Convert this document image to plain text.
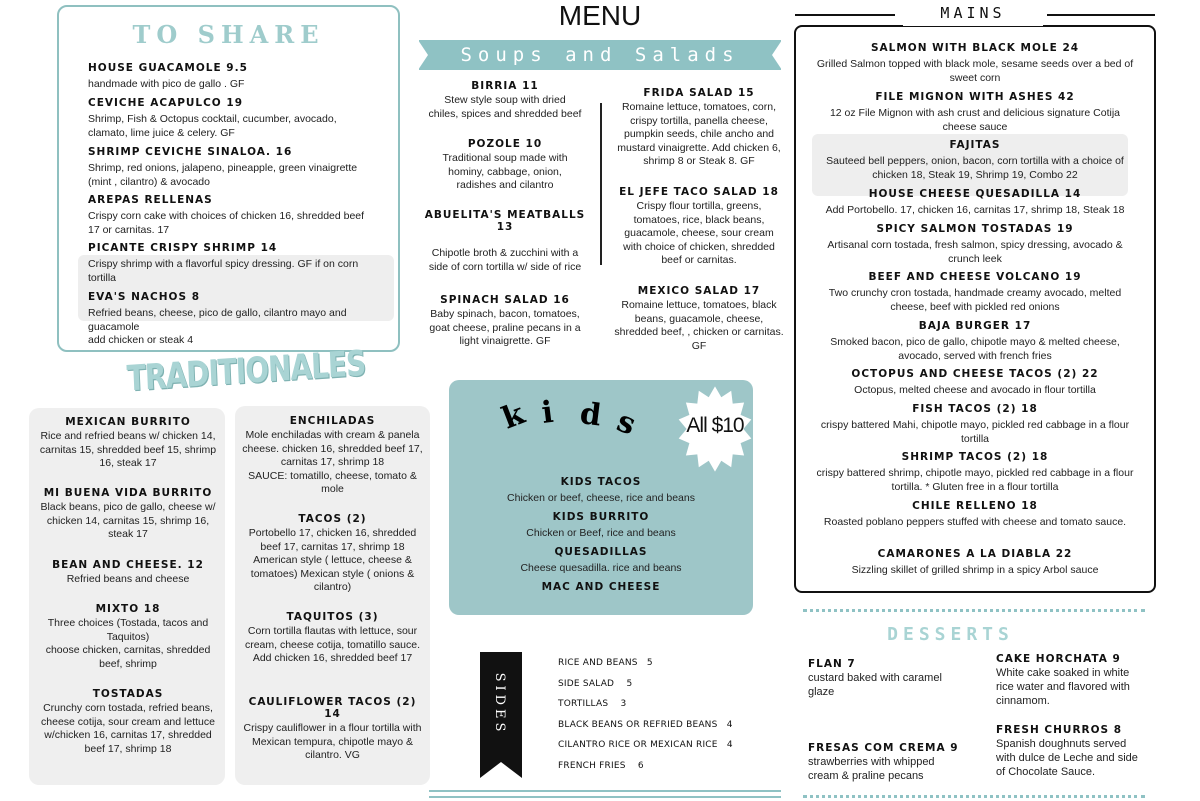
MENU
TO SHARE
HOUSE GUACAMOLE 9.5
handmade with pico de gallo . GF
CEVICHE ACAPULCO 19
Shrimp, Fish & Octopus cocktail, cucumber, avocado, clamato, lime juice & celery. GF
SHRIMP CEVICHE SINALOA. 16
Shrimp, red onions, jalapeno, pineapple, green vinaigrette (mint , cilantro) & avocado
AREPAS RELLENAS
Crispy corn cake with choices of chicken 16, shredded beef 17 or carnitas. 17
PICANTE CRISPY SHRIMP 14
Crispy shrimp with a flavorful spicy dressing. GF if on corn tortilla
EVA'S NACHOS 8
Refried beans, cheese, pico de gallo, cilantro mayo and guacamole
add chicken or steak 4
Soups and Salads
BIRRIA 11
Stew style soup with dried chiles, spices and shredded beef
POZOLE 10
Traditional soup made with hominy, cabbage, onion, radishes and cilantro
ABUELITA'S MEATBALLS 13
Chipotle broth & zucchini with a side of corn tortilla w/ side of rice
SPINACH SALAD 16
Baby spinach, bacon, tomatoes, goat cheese, praline pecans in a light vinaigrette. GF
FRIDA SALAD 15
Romaine lettuce, tomatoes, corn, crispy tortilla, panella cheese, pumpkin seeds, chile ancho and mustard vinaigrette. Add chicken 6, shrimp 8 or Steak 8. GF
EL JEFE TACO SALAD 18
Crispy flour tortilla, greens, tomatoes, rice, black beans, guacamole, cheese, sour cream with choice of chicken, shredded beef or carnitas.
MEXICO SALAD 17
Romaine lettuce, tomatoes, black beans, guacamole, cheese, shredded beef, , chicken or carnitas. GF
MAINS
SALMON WITH BLACK MOLE 24
Grilled Salmon topped with black mole, sesame seeds over a bed of sweet corn
FILE MIGNON WITH ASHES 42
12 oz File Mignon with ash crust and delicious signature Cotija cheese sauce
FAJITAS
Sauteed bell peppers, onion, bacon, corn tortilla with a choice of chicken 18, Steak 19, Shrimp 19, Combo 22
HOUSE CHEESE QUESADILLA 14
Add Portobello. 17, chicken 16, carnitas 17, shrimp 18, Steak 18
SPICY SALMON TOSTADAS 19
Artisanal corn tostada, fresh salmon, spicy dressing, avocado & crunch leek
BEEF AND CHEESE VOLCANO 19
Two crunchy cron tostada, handmade creamy avocado, melted cheese, beef with pickled red onions
BAJA BURGER 17
Smoked bacon, pico de gallo, chipotle mayo & melted cheese, avocado, served with french fries
OCTOPUS AND CHEESE TACOS (2) 22
Octopus, melted cheese and avocado in flour tortilla
FISH TACOS (2) 18
crispy battered Mahi, chipotle mayo, pickled red cabbage in a flour tortilla
SHRIMP TACOS (2) 18
crispy battered shrimp, chipotle mayo, pickled red cabbage in a flour tortilla. * Gluten free in a flour tortilla
CHILE RELLENO 18
Roasted poblano peppers stuffed with cheese and tomato sauce.
CAMARONES A LA DIABLA 22
Sizzling skillet of grilled shrimp in a spicy Arbol sauce
TRADITIONALES
MEXICAN BURRITO
Rice and refried beans w/ chicken 14, carnitas 15, shredded beef 15, shrimp 16, steak 17
MI BUENA VIDA BURRITO
Black beans, pico de gallo, cheese w/ chicken 14, carnitas 15, shrimp 16, steak 17
BEAN AND CHEESE. 12
Refried beans and cheese
MIXTO 18
Three choices (Tostada, tacos and Taquitos)
choose chicken, carnitas, shredded beef, shrimp
TOSTADAS
Crunchy corn tostada, refried beans, cheese cotija, sour cream and lettuce w/chicken 16, carnitas 17, shredded beef 17, shrimp 18
ENCHILADAS
Mole enchiladas with cream & panela cheese. chicken 16, shredded beef 17, carnitas 17, shrimp 18
SAUCE: tomatillo, cheese, tomato & mole
TACOS (2)
Portobello 17, chicken 16, shredded beef 17, carnitas 17, shrimp 18
American style ( lettuce, cheese & tomatoes) Mexican style ( onions & cilantro)
TAQUITOS (3)
Corn tortilla flautas with lettuce, sour cream, cheese cotija, tomatillo sauce. Add chicken 16, shredded beef 17
CAULIFLOWER TACOS (2) 14
Crispy cauliflower in a flour tortilla with Mexican tempura, chipotle mayo & cilantro. VG
k i d s	All $10
KIDS TACOS
Chicken or beef, cheese, rice and beans
KIDS BURRITO
Chicken or Beef, rice and beans
QUESADILLAS
Cheese quesadilla. rice and beans
MAC AND CHEESE
SIDES
RICE AND BEANS 5
SIDE SALAD 5
TORTILLAS 3
BLACK BEANS OR REFRIED BEANS 4
CILANTRO RICE OR MEXICAN RICE 4
FRENCH FRIES 6
DESSERTS
FLAN 7
custard baked with caramel glaze
CAKE HORCHATA 9
White cake soaked in white rice water and flavored with cinnamom.
FRESAS COM CREMA 9
strawberries with whipped cream & praline pecans
FRESH CHURROS 8
Spanish doughnuts served with dulce de Leche and side of Chocolate Sauce.
